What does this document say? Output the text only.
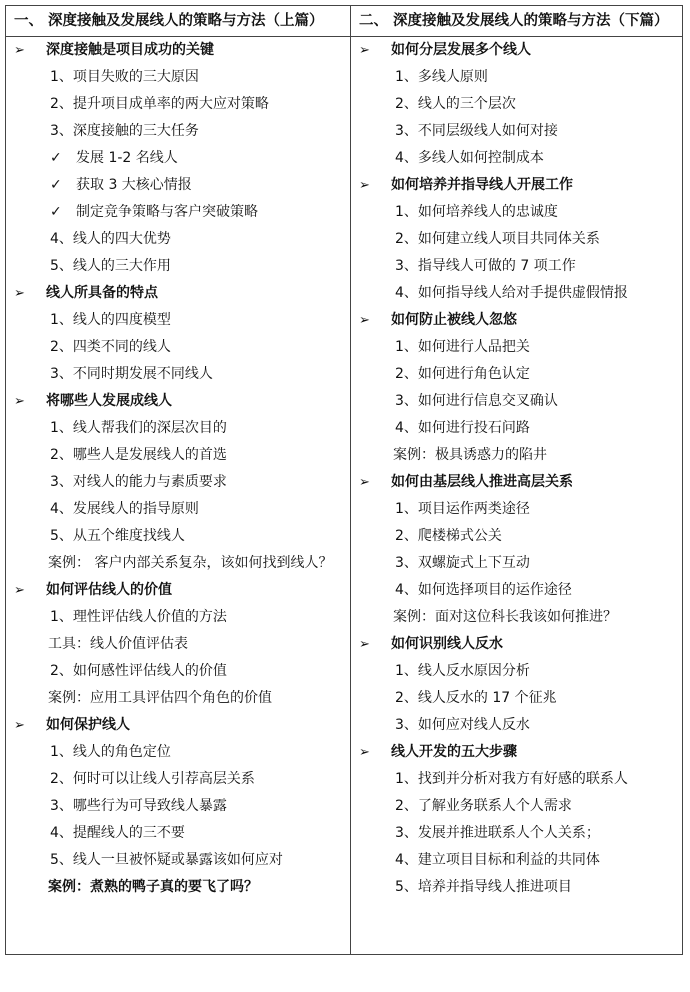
一、 深度接触及发展线人的策略与方法（上篇）
➢ 深度接触是项目成功的关键
1、项目失败的三大原因
2、提升项目成单率的两大应对策略
3、深度接触的三大任务
✓ 发展 1-2 名线人
✓ 获取 3 大核心情报
✓ 制定竞争策略与客户突破策略
4、线人的四大优势
5、线人的三大作用
➢ 线人所具备的特点
1、线人的四度模型
2、四类不同的线人
3、不同时期发展不同线人
➢ 将哪些人发展成线人
1、线人帮我们的深层次目的
2、哪些人是发展线人的首选
3、对线人的能力与素质要求
4、发展线人的指导原则
5、从五个维度找线人
案例： 客户内部关系复杂，该如何找到线人？
➢ 如何评估线人的价值
1、理性评估线人价值的方法
工具：线人价值评估表
2、如何感性评估线人的价值
案例：应用工具评估四个角色的价值
➢ 如何保护线人
1、线人的角色定位
2、何时可以让线人引荐高层关系
3、哪些行为可导致线人暴露
4、提醒线人的三不要
5、线人一旦被怀疑或暴露该如何应对
案例：煮熟的鸭子真的要飞了吗？
二、 深度接触及发展线人的策略与方法（下篇）
➢ 如何分层发展多个线人
1、多线人原则
2、线人的三个层次
3、不同层级线人如何对接
4、多线人如何控制成本
➢ 如何培养并指导线人开展工作
1、如何培养线人的忠诚度
2、如何建立线人项目共同体关系
3、指导线人可做的 7 项工作
4、如何指导线人给对手提供虚假情报
➢ 如何防止被线人忽悠
1、如何进行人品把关
2、如何进行角色认定
3、如何进行信息交叉确认
4、如何进行投石问路
案例：极具诱惑力的陷井
➢ 如何由基层线人推进高层关系
1、项目运作两类途径
2、爬楼梯式公关
3、双螺旋式上下互动
4、如何选择项目的运作途径
案例：面对这位科长我该如何推进？
➢ 如何识别线人反水
1、线人反水原因分析
2、线人反水的 17 个征兆
3、如何应对线人反水
➢ 线人开发的五大步骤
1、找到并分析对我方有好感的联系人
2、了解业务联系人个人需求
3、发展并推进联系人个人关系；
4、建立项目目标和利益的共同体
5、培养并指导线人推进项目
